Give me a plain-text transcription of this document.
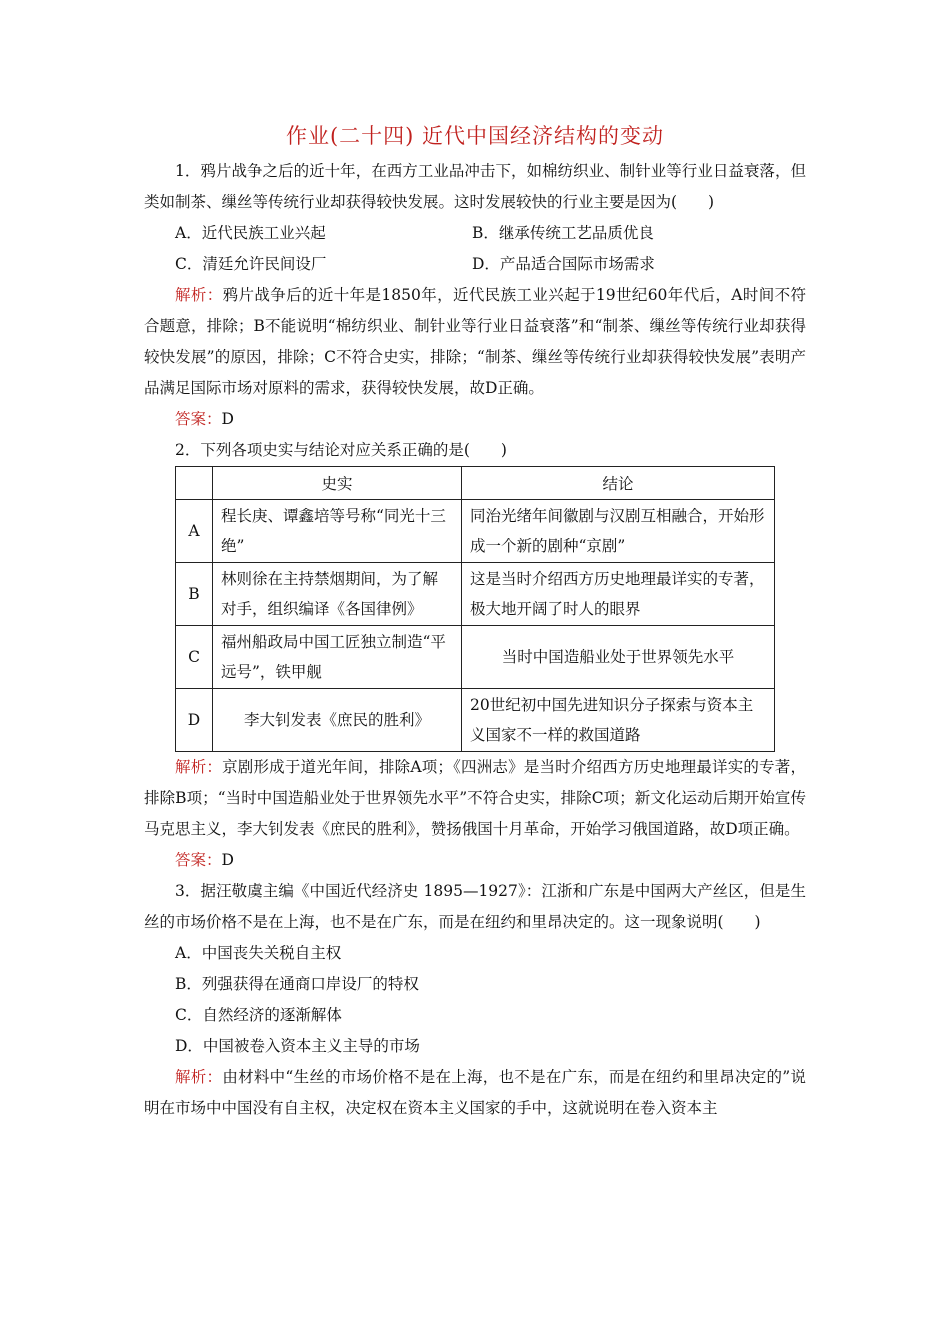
作业(二十四) 近代中国经济结构的变动
1．鸦片战争之后的近十年，在西方工业品冲击下，如棉纺织业、制针业等行业日益衰落，但类如制茶、缫丝等传统行业却获得较快发展。这时发展较快的行业主要是因为(　　)
A．近代民族工业兴起	B．继承传统工艺品质优良
C．清廷允许民间设厂	D．产品适合国际市场需求
解析：鸦片战争后的近十年是1850年，近代民族工业兴起于19世纪60年代后，A时间不符合题意，排除；B不能说明“棉纺织业、制针业等行业日益衰落”和“制茶、缫丝等传统行业却获得较快发展”的原因，排除；C不符合史实，排除；“制茶、缫丝等传统行业却获得较快发展”表明产品满足国际市场对原料的需求，获得较快发展，故D正确。
答案：D
2．下列各项史实与结论对应关系正确的是(　　)
	史实	结论
A	程长庚、谭鑫培等号称“同光十三绝”	同治光绪年间徽剧与汉剧互相融合，开始形成一个新的剧种“京剧”
B	林则徐在主持禁烟期间，为了解对手，组织编译《各国律例》	这是当时介绍西方历史地理最详实的专著，极大地开阔了时人的眼界
C	福州船政局中国工匠独立制造“平远号”，铁甲舰	当时中国造船业处于世界领先水平
D	李大钊发表《庶民的胜利》	20世纪初中国先进知识分子探索与资本主义国家不一样的救国道路
解析：京剧形成于道光年间，排除A项；《四洲志》是当时介绍西方历史地理最详实的专著，排除B项；“当时中国造船业处于世界领先水平”不符合史实，排除C项；新文化运动后期开始宣传马克思主义，李大钊发表《庶民的胜利》，赞扬俄国十月革命，开始学习俄国道路，故D项正确。
答案：D
3．据汪敬虞主编《中国近代经济史 1895—1927》：江浙和广东是中国两大产丝区，但是生丝的市场价格不是在上海，也不是在广东，而是在纽约和里昂决定的。这一现象说明(　　)
A．中国丧失关税自主权
B．列强获得在通商口岸设厂的特权
C．自然经济的逐渐解体
D．中国被卷入资本主义主导的市场
解析：由材料中“生丝的市场价格不是在上海，也不是在广东，而是在纽约和里昂决定的”说明在市场中中国没有自主权，决定权在资本主义国家的手中，这就说明在卷入资本主
